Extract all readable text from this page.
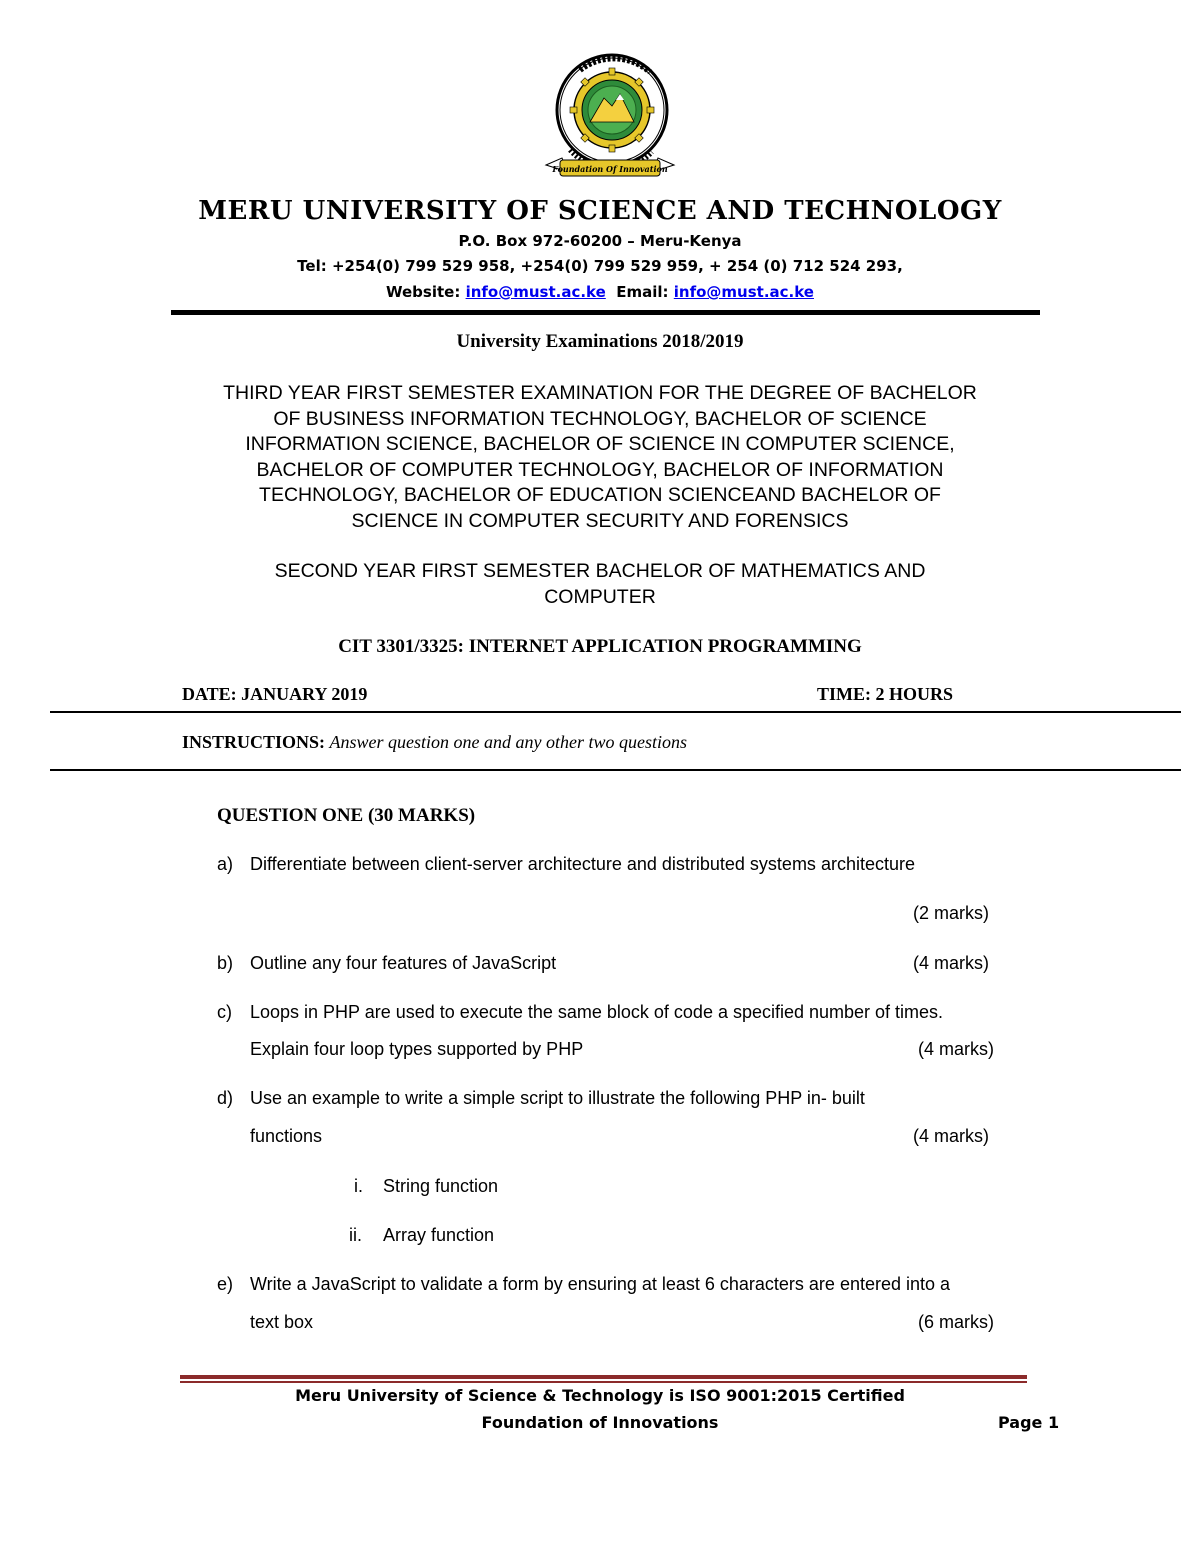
Foundation Of Innovation
MERU UNIVERSITY OF SCIENCE AND TECHNOLOGY
P.O. Box 972-60200 – Meru-Kenya
Tel: +254(0) 799 529 958, +254(0) 799 529 959, + 254 (0) 712 524 293,
Website: info@must.ac.ke Email: info@must.ac.ke
University Examinations 2018/2019
THIRD YEAR FIRST SEMESTER EXAMINATION FOR THE DEGREE OF BACHELOR
OF BUSINESS INFORMATION TECHNOLOGY, BACHELOR OF SCIENCE
INFORMATION SCIENCE, BACHELOR OF SCIENCE IN COMPUTER SCIENCE,
BACHELOR OF COMPUTER TECHNOLOGY, BACHELOR OF INFORMATION
TECHNOLOGY, BACHELOR OF EDUCATION SCIENCEAND BACHELOR OF
SCIENCE IN COMPUTER SECURITY AND FORENSICS
SECOND YEAR FIRST SEMESTER BACHELOR OF MATHEMATICS AND
COMPUTER
CIT 3301/3325: INTERNET APPLICATION PROGRAMMING
DATE: JANUARY 2019	TIME: 2 HOURS
INSTRUCTIONS: Answer question one and any other two questions
QUESTION ONE (30 MARKS)
a) Differentiate between client-server architecture and distributed systems architecture
(2 marks)
b) Outline any four features of JavaScript	(4 marks)
c) Loops in PHP are used to execute the same block of code a specified number of times.
Explain four loop types supported by PHP	(4 marks)
d) Use an example to write a simple script to illustrate the following PHP in- built
functions	(4 marks)
i. String function
ii. Array function
e) Write a JavaScript to validate a form by ensuring at least 6 characters are entered into a
text box	(6 marks)
Meru University of Science & Technology is ISO 9001:2015 Certified
Foundation of Innovations	Page 1
